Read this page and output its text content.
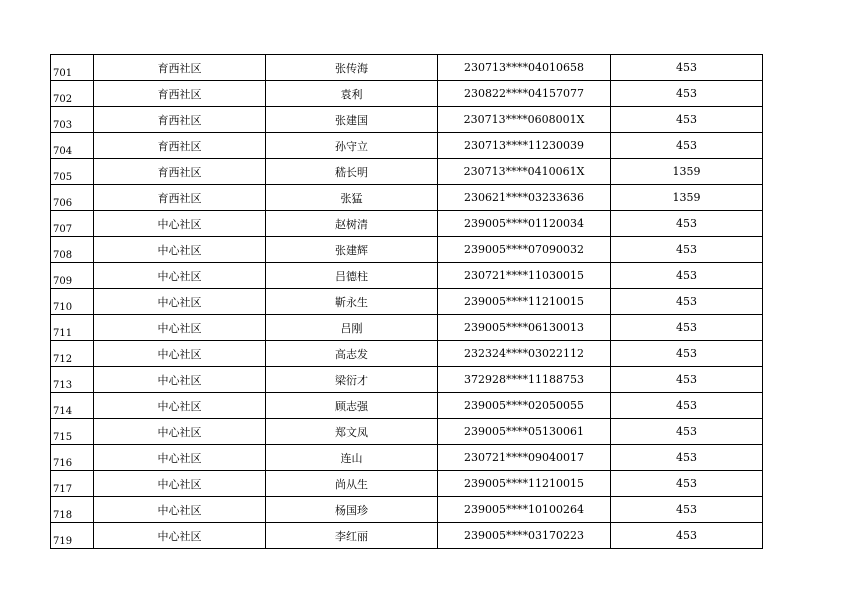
701	育西社区	张传海	230713****04010658	453
702	育西社区	袁利	230822****04157077	453
703	育西社区	张建国	230713****0608001X	453
704	育西社区	孙守立	230713****11230039	453
705	育西社区	嵇长明	230713****0410061X	1359
706	育西社区	张猛	230621****03233636	1359
707	中心社区	赵树清	239005****01120034	453
708	中心社区	张建辉	239005****07090032	453
709	中心社区	吕德柱	230721****11030015	453
710	中心社区	靳永生	239005****11210015	453
711	中心社区	吕刚	239005****06130013	453
712	中心社区	高志发	232324****03022112	453
713	中心社区	梁衍才	372928****11188753	453
714	中心社区	顾志强	239005****02050055	453
715	中心社区	郑文凤	239005****05130061	453
716	中心社区	连山	230721****09040017	453
717	中心社区	尚从生	239005****11210015	453
718	中心社区	杨国珍	239005****10100264	453
719	中心社区	李红丽	239005****03170223	453
